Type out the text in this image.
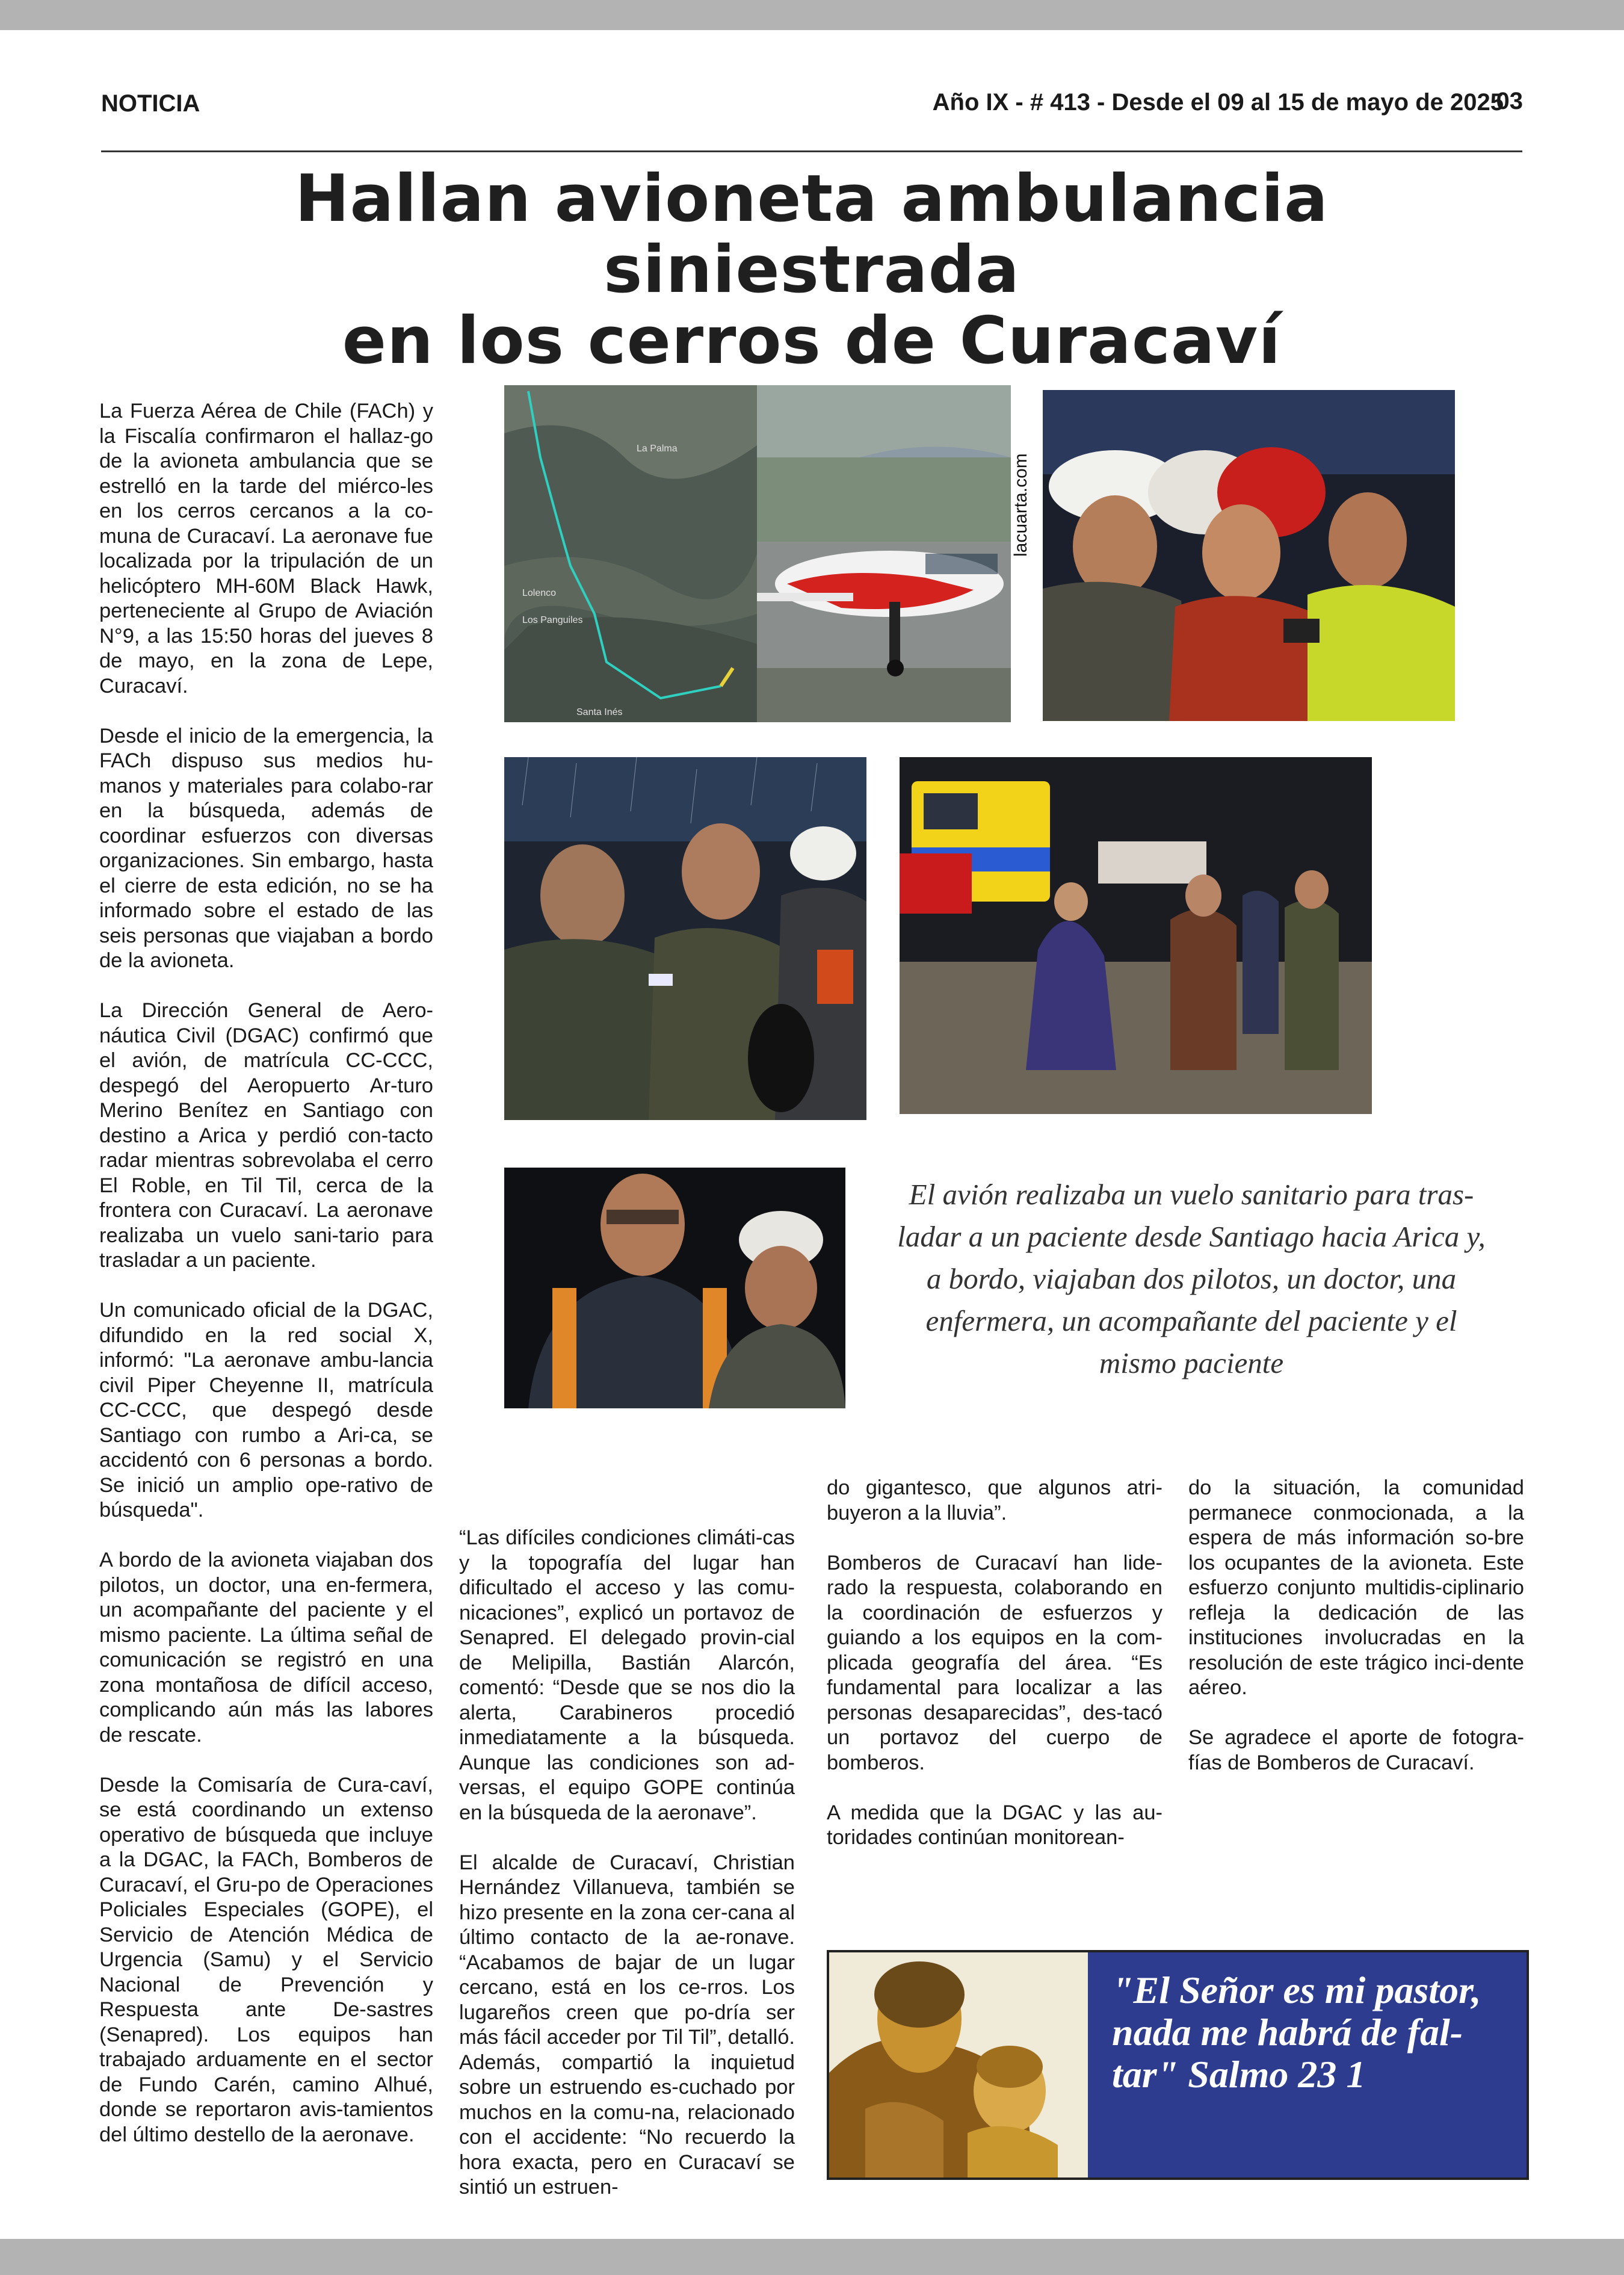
NOTICIA	Año IX - # 413 - Desde el 09 al 15 de mayo de 2025
03
Hallan avioneta ambulancia siniestrada
en los cerros de Curacaví

La Fuerza Aérea de Chile (FACh) y la Fiscalía confirmaron el hallaz-go de la avioneta ambulancia que se estrelló en la tarde del miérco-les en los cerros cercanos a la co-muna de Curacaví. La aeronave fue localizada por la tripulación de un helicóptero MH-60M Black Hawk, perteneciente al Grupo de Aviación N°9, a las 15:50 horas del jueves 8 de mayo, en la zona de Lepe, Curacaví.

Desde el inicio de la emergencia, la FACh dispuso sus medios hu-manos y materiales para colabo-rar en la búsqueda, además de coordinar esfuerzos con diversas organizaciones. Sin embargo, hasta el cierre de esta edición, no se ha informado sobre el estado de las seis personas que viajaban a bordo de la avioneta.

La Dirección General de Aero-náutica Civil (DGAC) confirmó que el avión, de matrícula CC-CCC, despegó del Aeropuerto Ar-turo Merino Benítez en Santiago con destino a Arica y perdió con-tacto radar mientras sobrevolaba el cerro El Roble, en Til Til, cerca de la frontera con Curacaví. La aeronave realizaba un vuelo sani-tario para trasladar a un paciente.

Un comunicado oficial de la DGAC, difundido en la red social X, informó: "La aeronave ambu-lancia civil Piper Cheyenne II, matrícula CC-CCC, que despegó desde Santiago con rumbo a Ari-ca, se accidentó con 6 personas a bordo. Se inició un amplio ope-rativo de búsqueda".

A bordo de la avioneta viajaban dos pilotos, un doctor, una en-fermera, un acompañante del paciente y el mismo paciente. La última señal de comunicación se registró en una zona montañosa de difícil acceso, complicando aún más las labores de rescate.

Desde la Comisaría de Cura-caví, se está coordinando un extenso operativo de búsqueda que incluye a la DGAC, la FACh, Bomberos de Curacaví, el Gru-po de Operaciones Policiales Especiales (GOPE), el Servicio de Atención Médica de Urgencia (Samu) y el Servicio Nacional de Prevención y Respuesta ante De-sastres (Senapred). Los equipos han trabajado arduamente en el sector de Fundo Carén, camino Alhué, donde se reportaron avis-tamientos del último destello de la aeronave.

La Palma
Lolenco
Los Panguiles
Santa Inés
lacuarta.com
El avión realizaba un vuelo sanitario para tras-ladar a un paciente desde Santiago hacia Arica y, a bordo, viajaban dos pilotos, un doctor, una enfermera, un acompañante del paciente y el mismo paciente

“Las difíciles condiciones climáti-cas y la topografía del lugar han dificultado el acceso y las comu-nicaciones”, explicó un portavoz de Senapred. El delegado provin-cial de Melipilla, Bastián Alarcón, comentó: “Desde que se nos dio la alerta, Carabineros procedió inmediatamente a la búsqueda. Aunque las condiciones son ad-versas, el equipo GOPE continúa en la búsqueda de la aeronave”.

El alcalde de Curacaví, Christian Hernández Villanueva, también se hizo presente en la zona cer-cana al último contacto de la ae-ronave. “Acabamos de bajar de un lugar cercano, está en los ce-rros. Los lugareños creen que po-dría ser más fácil acceder por Til Til”, detalló. Además, compartió la inquietud sobre un estruendo es-cuchado por muchos en la comu-na, relacionado con el accidente: “No recuerdo la hora exacta, pero en Curacaví se sintió un estruen-

do gigantesco, que algunos atri-buyeron a la lluvia”.

Bomberos de Curacaví han lide-rado la respuesta, colaborando en la coordinación de esfuerzos y guiando a los equipos en la com-plicada geografía del área. “Es fundamental para localizar a las personas desaparecidas”, des-tacó un portavoz del cuerpo de bomberos.

A medida que la DGAC y las au-toridades continúan monitorean-

do la situación, la comunidad permanece conmocionada, a la espera de más información so-bre los ocupantes de la avioneta. Este esfuerzo conjunto multidis-ciplinario refleja la dedicación de las instituciones involucradas en la resolución de este trágico inci-dente aéreo.

Se agradece el aporte de fotogra-fías de Bomberos de Curacaví.

"El Señor es mi pastor, nada me habrá de fal-tar" Salmo 23 1
